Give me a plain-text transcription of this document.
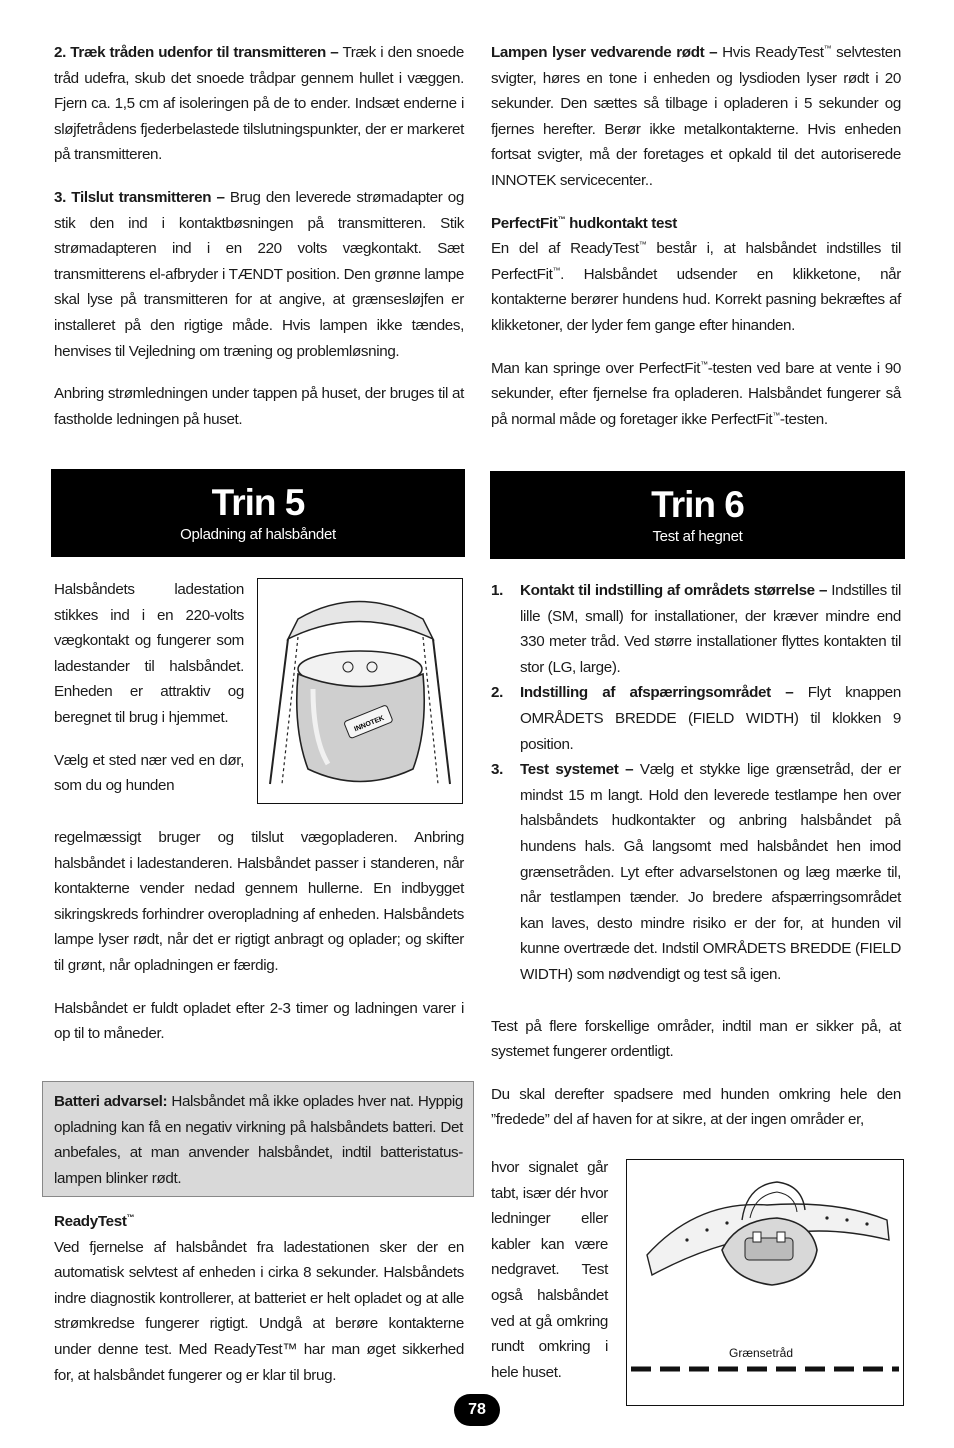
2. Træk tråden udenfor til transmitteren – Træk i den snoede tråd udefra, skub det snoede trådpar gennem hullet i væggen. Fjern ca. 1,5 cm af isoleringen på de to ender. Indsæt enderne i sløjfetrådens fjederbelastede tilslutningspunkter, der er markeret på transmitteren.

3. Tilslut transmitteren – Brug den leverede strømadapter og stik den ind i kontaktbøsningen på transmitteren. Stik strømadapteren ind i en 220 volts vægkontakt. Sæt transmitterens el-afbryder i TÆNDT position. Den grønne lampe skal lyse på transmitteren for at angive, at grænsesløjfen er installeret på den rigtige måde. Hvis lampen ikke tændes, henvises til Vejledning om træning og problemløsning.

Anbring strømledningen under tappen på huset, der bruges til at fastholde ledningen på huset.

Trin 5
Opladning af halsbåndet

Halsbåndets ladestation stikkes ind i en 220-volts vægkontakt og fungerer som ladestander til halsbåndet. Enheden er attraktiv og beregnet til brug i hjemmet.

Vælg et sted nær ved en dør, som du og hunden

INNOTEK

regelmæssigt bruger og tilslut vægopladeren. Anbring halsbåndet i ladestanderen. Halsbåndet passer i standeren, når kontakterne vender nedad gennem hullerne. En indbygget sikringskreds forhindrer overopladning af enheden. Halsbåndets lampe lyser rødt, når det er rigtigt anbragt og oplader; og skifter til grønt, når opladningen er færdig.

Halsbåndet er fuldt opladet efter 2-3 timer og ladningen varer i op til to måneder.

Batteri advarsel: Halsbåndet må ikke oplades hver nat. Hyppig opladning kan få en negativ virkning på halsbåndets batteri. Det anbefales, at man anvender halsbåndet, indtil batteristatus-lampen blinker rødt.

ReadyTest™

Ved fjernelse af halsbåndet fra ladestationen sker der en automatisk selvtest af enheden i cirka 8 sekunder. Halsbåndets indre diagnostik kontrollerer, at batteriet er helt opladet og at alle strømkredse fungerer rigtigt. Undgå at berøre kontakterne under denne test. Med ReadyTest™ har man øget sikkerhed for, at halsbåndet fungerer og er klar til brug.

Lampen lyser vedvarende rødt – Hvis ReadyTest™ selvtesten svigter, høres en tone i enheden og lysdioden lyser rødt i 20 sekunder. Den sættes så tilbage i opladeren i 5 sekunder og fjernes herefter. Berør ikke metalkontakterne. Hvis enheden fortsat svigter, må der foretages et opkald til det autoriserede INNOTEK servicecenter..

PerfectFit™ hudkontakt test

En del af ReadyTest™ består i, at halsbåndet indstilles til PerfectFit™. Halsbåndet udsender en klikketone, når kontakterne berører hundens hud. Korrekt pasning bekræftes af klikketoner, der lyder fem gange efter hinanden.

Man kan springe over PerfectFit™-testen ved bare at vente i 90 sekunder, efter fjernelse fra opladeren. Halsbåndet fungerer så på normal måde og foretager ikke PerfectFit™-testen.

Trin 6
Test af hegnet
1. Kontakt til indstilling af områdets størrelse – Indstilles til lille (SM, small) for installationer, der kræver mindre end 330 meter tråd. Ved større installationer flyttes kontakten til stor (LG, large).
2. Indstilling af afspærringsområdet – Flyt knappen OMRÅDETS BREDDE (FIELD WIDTH) til klokken 9 position.
3. Test systemet – Vælg et stykke lige grænsetråd, der er mindst 15 m langt. Hold den leverede testlampe hen over halsbåndets hudkontakter og anbring halsbåndet på hundens hals. Gå langsomt med halsbåndet hen imod grænsetråden. Lyt efter advarselstonen og læg mærke til, når testlampen tænder. Jo bredere afspærringsområdet kan laves, desto mindre risiko er der for, at hunden vil kunne overtræde det. Indstil OMRÅDETS BREDDE (FIELD WIDTH) som nødvendigt og test så igen.

Test på flere forskellige områder, indtil man er sikker på, at systemet fungerer ordentligt.

Du skal derefter spadsere med hunden omkring hele den ”fredede” del af haven for at sikre, at der ingen områder er,

hvor signalet går tabt, især dér hvor ledninger eller kabler kan være nedgravet. Test også halsbåndet ved at gå omkring rundt omkring i hele huset.

Grænsetråd
78
